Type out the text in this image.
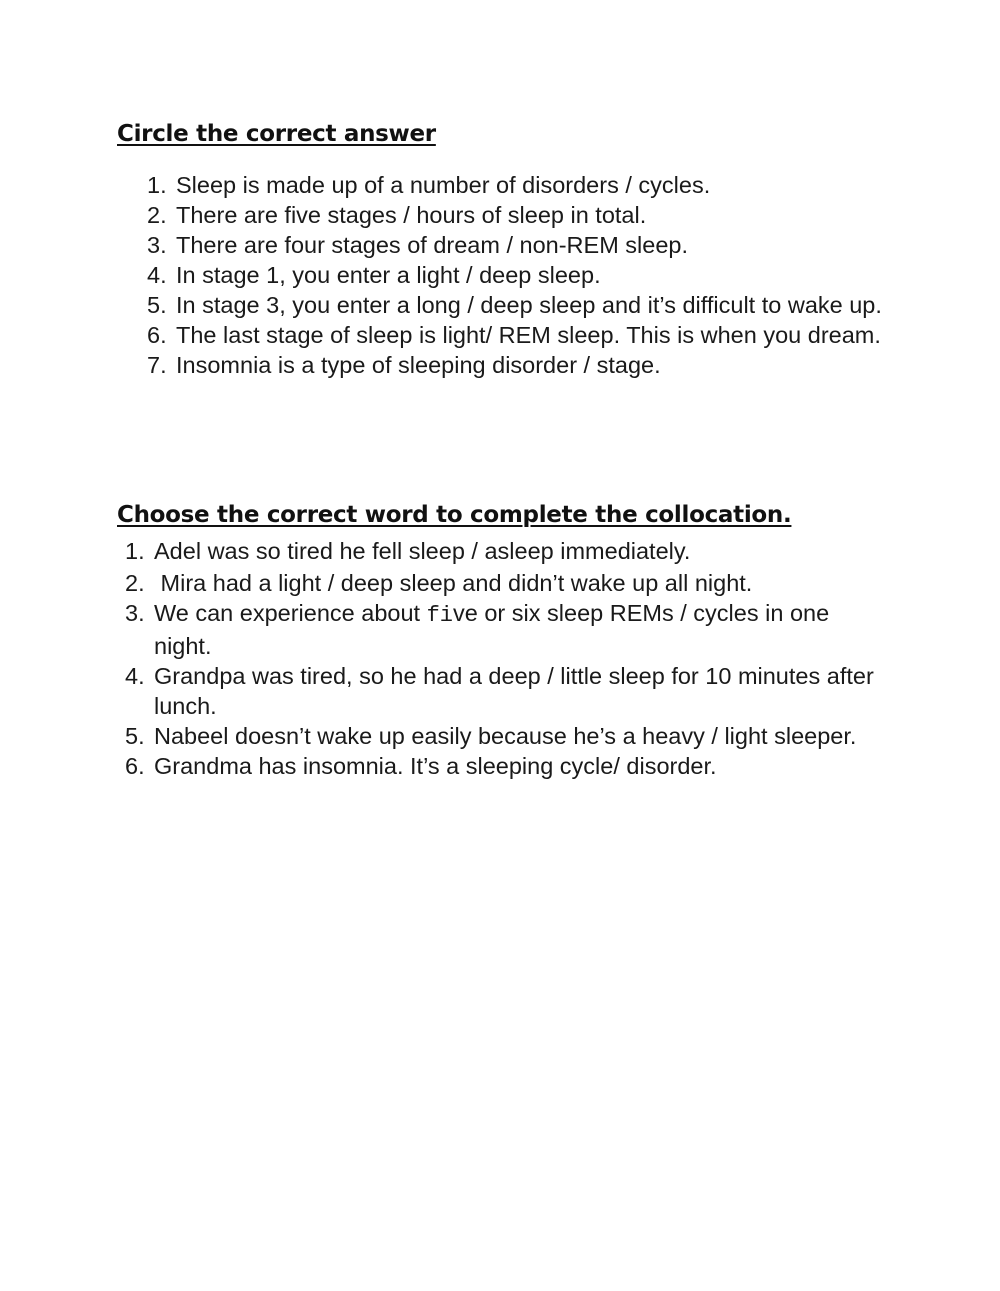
Circle the correct answer
1. Sleep is made up of a number of disorders / cycles.
2. There are five stages / hours of sleep in total.
3. There are four stages of dream / non-REM sleep.
4. In stage 1, you enter a light / deep sleep.
5. In stage 3, you enter a long / deep sleep and it’s difficult to wake up.
6. The last stage of sleep is light/ REM sleep. This is when you dream.
7. Insomnia is a type of sleeping disorder / stage.
Choose the correct word to complete the collocation.
1. Adel was so tired he fell sleep / asleep immediately.
2. Mira had a light / deep sleep and didn’t wake up all night.
3. We can experience about five or six sleep REMs / cycles in one night.
4. Grandpa was tired, so he had a deep / little sleep for 10 minutes after lunch.
5. Nabeel doesn’t wake up easily because he’s a heavy / light sleeper.
6. Grandma has insomnia. It’s a sleeping cycle/ disorder.
